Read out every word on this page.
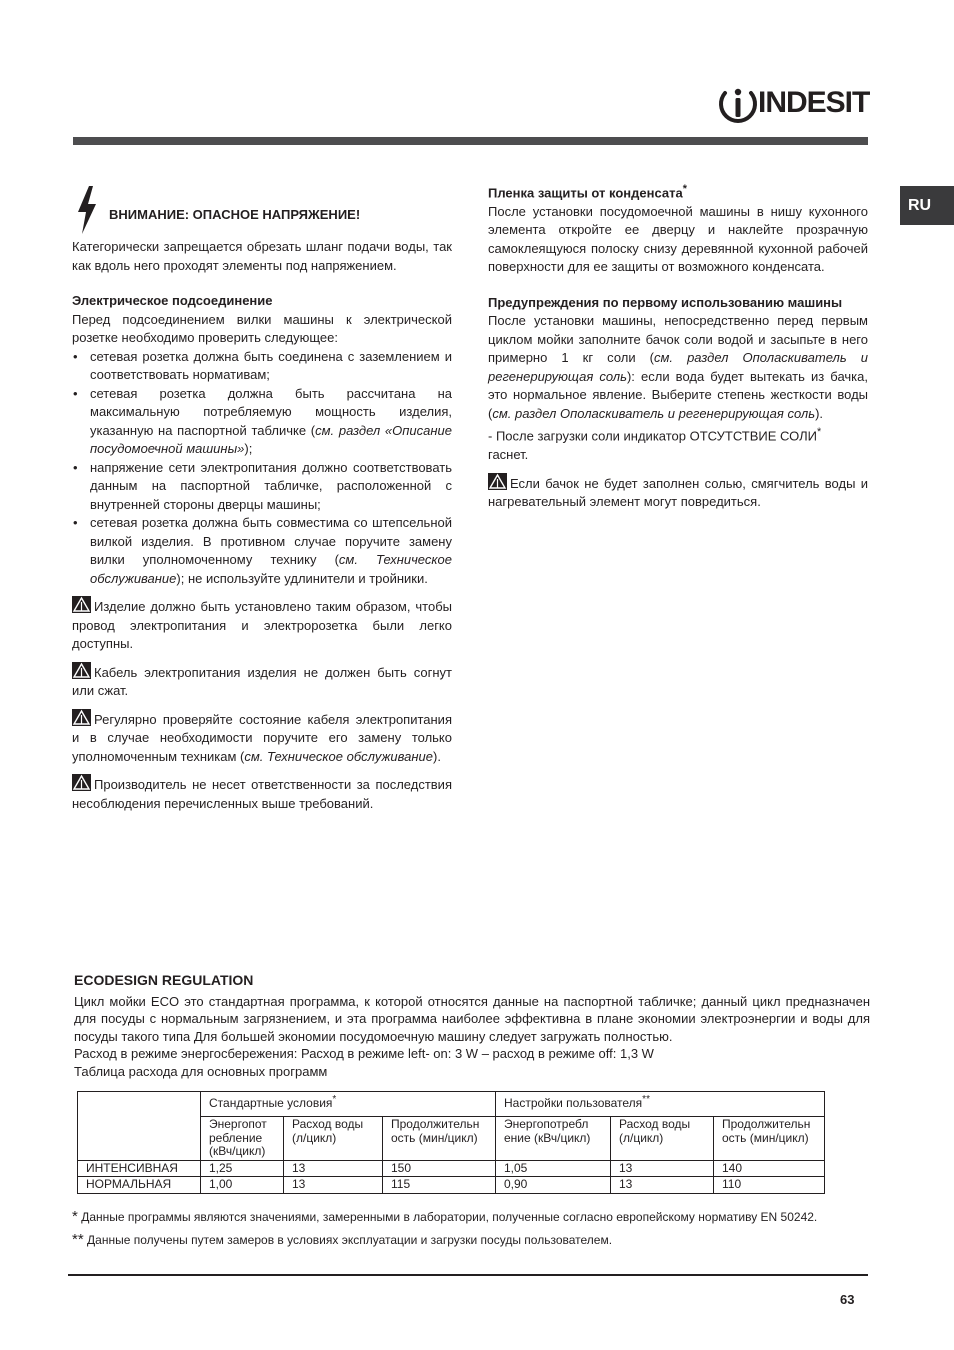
INDESIT
RU
ВНИМАНИЕ: ОПАСНОЕ НАПРЯЖЕНИЕ!

Категорически запрещается обрезать шланг подачи воды, так как вдоль него проходят элементы под напряжением.

Электрическое подсоединение

Перед подсоединением вилки машины к электрической розетке необходимо проверить следующее:

• сетевая розетка должна быть соединена с заземлением и соответствовать нормативам;
• сетевая розетка должна быть рассчитана на максимальную потребляемую мощность изделия, указанную на паспортной табличке (см. раздел «Описание посудомоечной машины»);
• напряжение сети электропитания должно соответствовать данным на паспортной табличке, расположенной с внутренней стороны дверцы машины;
• сетевая розетка должна быть совместима со штепсельной вилкой изделия. В противном случае поручите замену вилки уполномоченному технику (см. Техническое обслуживание); не используйте удлинители и тройники.

Изделие должно быть установлено таким образом, чтобы провод электропитания и электророзетка были легко доступны.

Кабель электропитания изделия не должен быть согнут или сжат.

Регулярно проверяйте состояние кабеля электропитания и в случае необходимости поручите его замену только уполномоченным техникам (см. Техническое обслуживание).

Производитель не несет ответственности за последствия несоблюдения перечисленных выше требований.

Пленка защиты от конденсата*

После установки посудомоечной машины в нишу кухонного элемента откройте ее дверцу и наклейте прозрачную самоклеящуюся полоску снизу деревянной кухонной рабочей поверхности для ее защиты от возможного конденсата.

Предупреждения по первому использованию машины

После установки машины, непосредственно перед первым циклом мойки заполните бачок соли водой и засыпьте в него примерно 1 кг соли (см. раздел Ополаскиватель и регенерирующая соль): если вода будет вытекать из бачка, это нормальное явление. Выберите степень жесткости воды (см. раздел Ополаскиватель и регенерирующая соль).

- После загрузки соли индикатор ОТСУТСТВИЕ СОЛИ*
гаснет.

Если бачок не будет заполнен солью, смягчитель воды и нагревательный элемент могут повредиться.

ECODESIGN REGULATION

Цикл мойки ECO это стандартная программа, к которой относятся данные на паспортной табличке; данный цикл предназначен для посуды с нормальным загрязнением, и эта программа наиболее эффективна в плане экономии электроэнергии и воды для посуды такого типа Для большей экономии посудомоечную машину следует загружать полностью.

Расход в режиме энергосбережения: Расход в режиме left- on: 3 W – расход в режиме off: 1,3 W

Таблица расхода для основных программ

	Стандартные условия*			Настройки пользователя**
	Энергопот ребление (кВч/цикл)	Расход воды (л/цикл)	Продолжительн ость (мин/цикл)	Энергопотребл ение (кВч/цикл)	Расход воды (л/цикл)	Продолжительн ость (мин/цикл)
ИНТЕНСИВНАЯ	1,25	13	150	1,05	13	140
НОРМАЛЬНАЯ	1,00	13	115	0,90	13	110
* Данные программы являются значениями, замеренными в лаборатории, полученные согласно европейскому нормативу EN 50242.
** Данные получены путем замеров в условиях эксплуатации и загрузки посуды пользователем.
63
